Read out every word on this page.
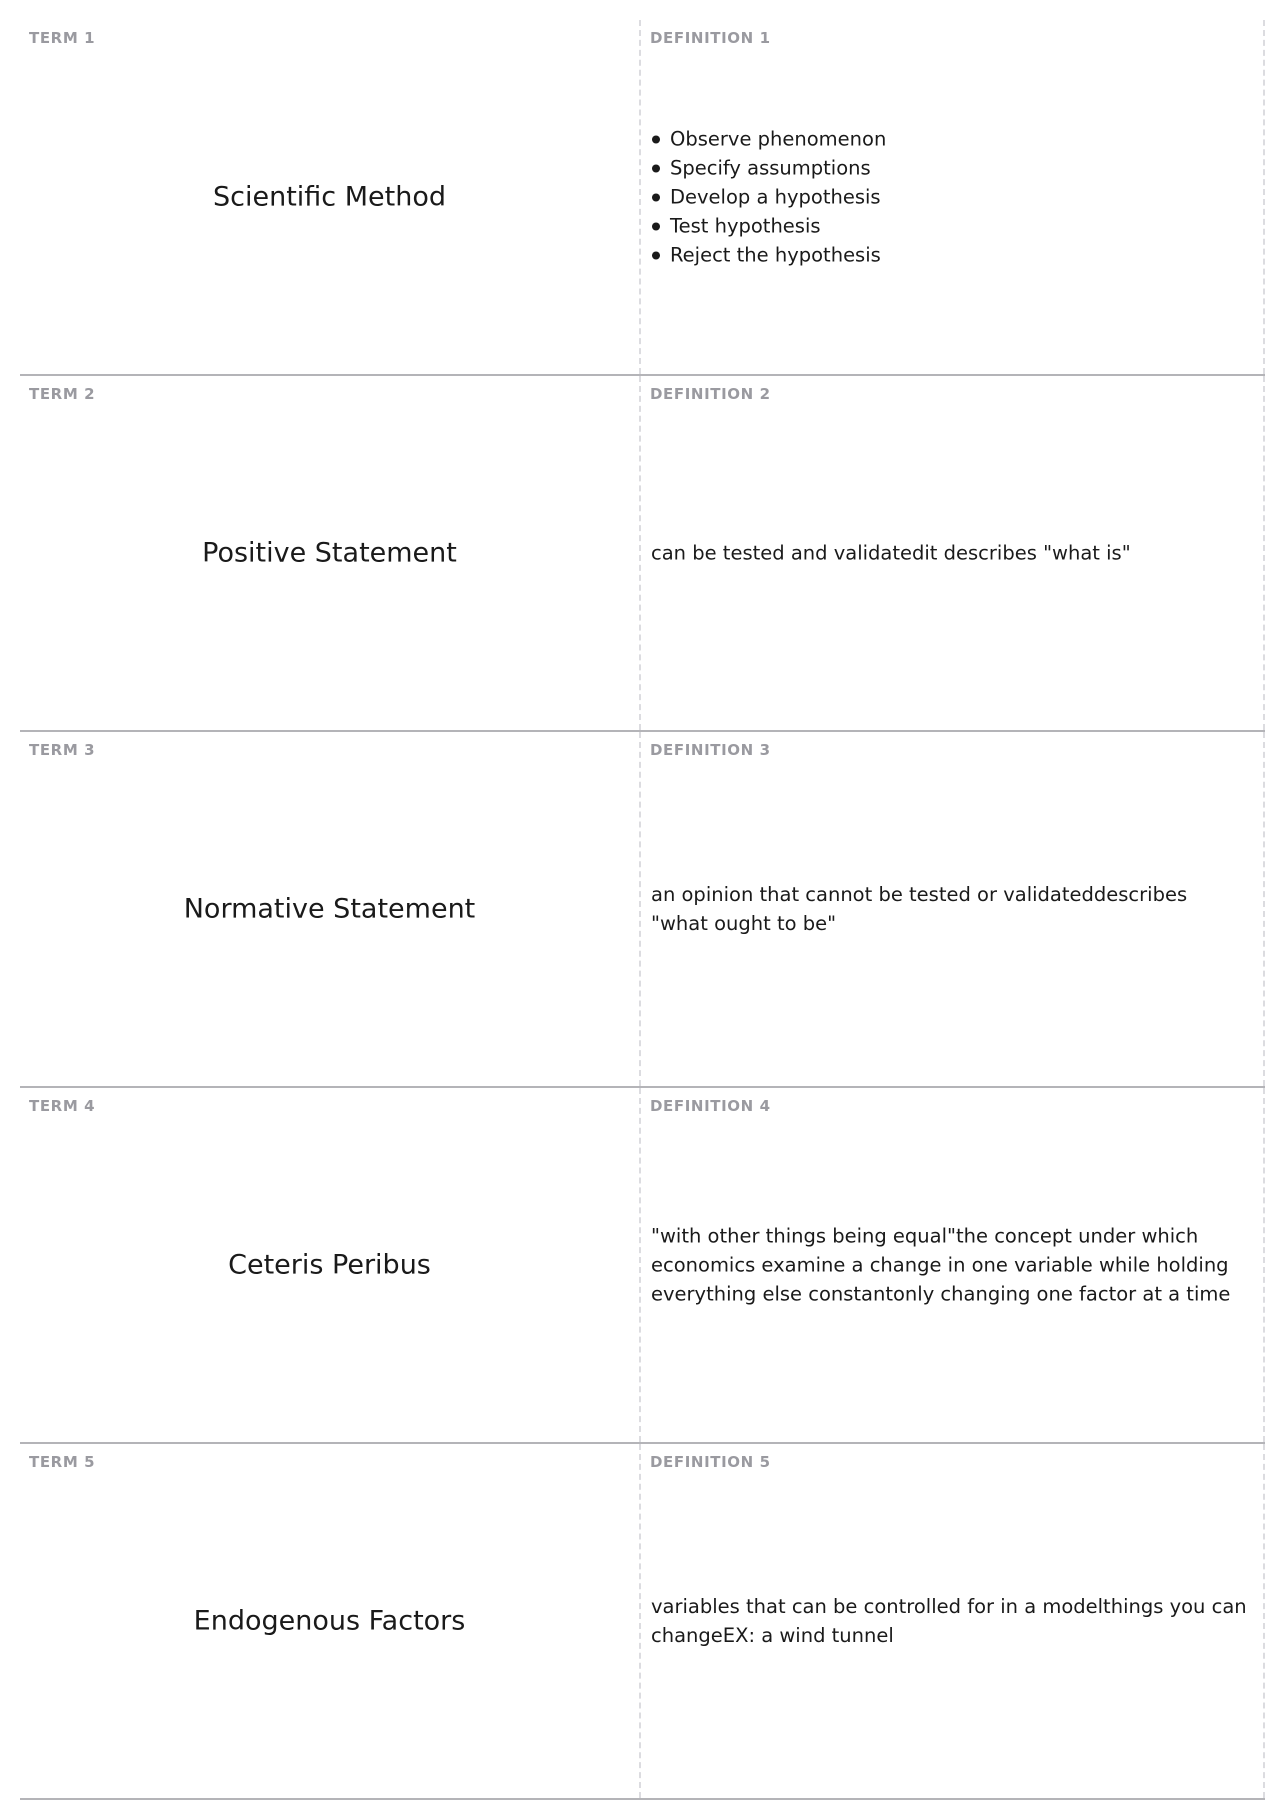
TERM 1
Scientific Method
DEFINITION 1
Observe phenomenon
Specify assumptions
Develop a hypothesis
Test hypothesis
Reject the hypothesis
TERM 2
Positive Statement
DEFINITION 2
can be tested and validatedit describes "what is"
TERM 3
Normative Statement
DEFINITION 3
an opinion that cannot be tested or validateddescribes "what ought to be"
TERM 4
Ceteris Peribus
DEFINITION 4
"with other things being equal"the concept under which economics examine a change in one variable while holding everything else constantonly changing one factor at a time
TERM 5
Endogenous Factors
DEFINITION 5
variables that can be controlled for in a modelthings you can changeEX: a wind tunnel
